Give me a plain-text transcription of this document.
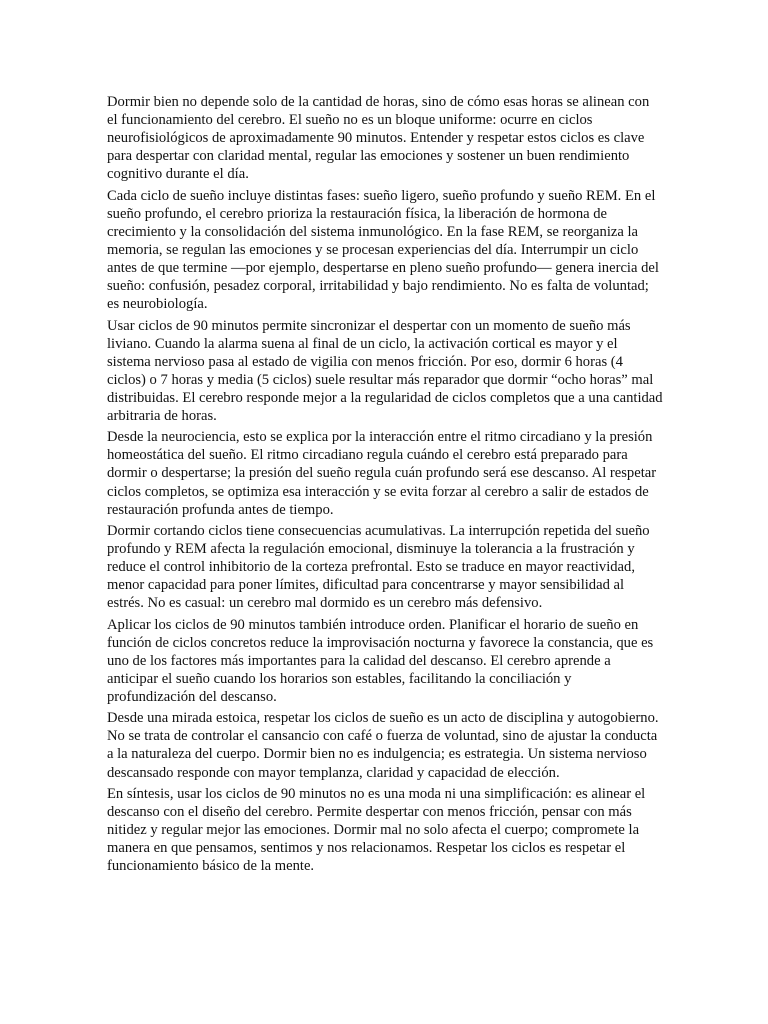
Dormir bien no depende solo de la cantidad de horas, sino de cómo esas horas se alinean con el funcionamiento del cerebro. El sueño no es un bloque uniforme: ocurre en ciclos neurofisiológicos de aproximadamente 90 minutos. Entender y respetar estos ciclos es clave para despertar con claridad mental, regular las emociones y sostener un buen rendimiento cognitivo durante el día.

Cada ciclo de sueño incluye distintas fases: sueño ligero, sueño profundo y sueño REM. En el sueño profundo, el cerebro prioriza la restauración física, la liberación de hormona de crecimiento y la consolidación del sistema inmunológico. En la fase REM, se reorganiza la memoria, se regulan las emociones y se procesan experiencias del día. Interrumpir un ciclo antes de que termine —por ejemplo, despertarse en pleno sueño profundo— genera inercia del sueño: confusión, pesadez corporal, irritabilidad y bajo rendimiento. No es falta de voluntad; es neurobiología.

Usar ciclos de 90 minutos permite sincronizar el despertar con un momento de sueño más liviano. Cuando la alarma suena al final de un ciclo, la activación cortical es mayor y el sistema nervioso pasa al estado de vigilia con menos fricción. Por eso, dormir 6 horas (4 ciclos) o 7 horas y media (5 ciclos) suele resultar más reparador que dormir “ocho horas” mal distribuidas. El cerebro responde mejor a la regularidad de ciclos completos que a una cantidad arbitraria de horas.

Desde la neurociencia, esto se explica por la interacción entre el ritmo circadiano y la presión homeostática del sueño. El ritmo circadiano regula cuándo el cerebro está preparado para dormir o despertarse; la presión del sueño regula cuán profundo será ese descanso. Al respetar ciclos completos, se optimiza esa interacción y se evita forzar al cerebro a salir de estados de restauración profunda antes de tiempo.

Dormir cortando ciclos tiene consecuencias acumulativas. La interrupción repetida del sueño profundo y REM afecta la regulación emocional, disminuye la tolerancia a la frustración y reduce el control inhibitorio de la corteza prefrontal. Esto se traduce en mayor reactividad, menor capacidad para poner límites, dificultad para concentrarse y mayor sensibilidad al estrés. No es casual: un cerebro mal dormido es un cerebro más defensivo.

Aplicar los ciclos de 90 minutos también introduce orden. Planificar el horario de sueño en función de ciclos concretos reduce la improvisación nocturna y favorece la constancia, que es uno de los factores más importantes para la calidad del descanso. El cerebro aprende a anticipar el sueño cuando los horarios son estables, facilitando la conciliación y profundización del descanso.

Desde una mirada estoica, respetar los ciclos de sueño es un acto de disciplina y autogobierno. No se trata de controlar el cansancio con café o fuerza de voluntad, sino de ajustar la conducta a la naturaleza del cuerpo. Dormir bien no es indulgencia; es estrategia. Un sistema nervioso descansado responde con mayor templanza, claridad y capacidad de elección.

En síntesis, usar los ciclos de 90 minutos no es una moda ni una simplificación: es alinear el descanso con el diseño del cerebro. Permite despertar con menos fricción, pensar con más nitidez y regular mejor las emociones. Dormir mal no solo afecta el cuerpo; compromete la manera en que pensamos, sentimos y nos relacionamos. Respetar los ciclos es respetar el funcionamiento básico de la mente.
